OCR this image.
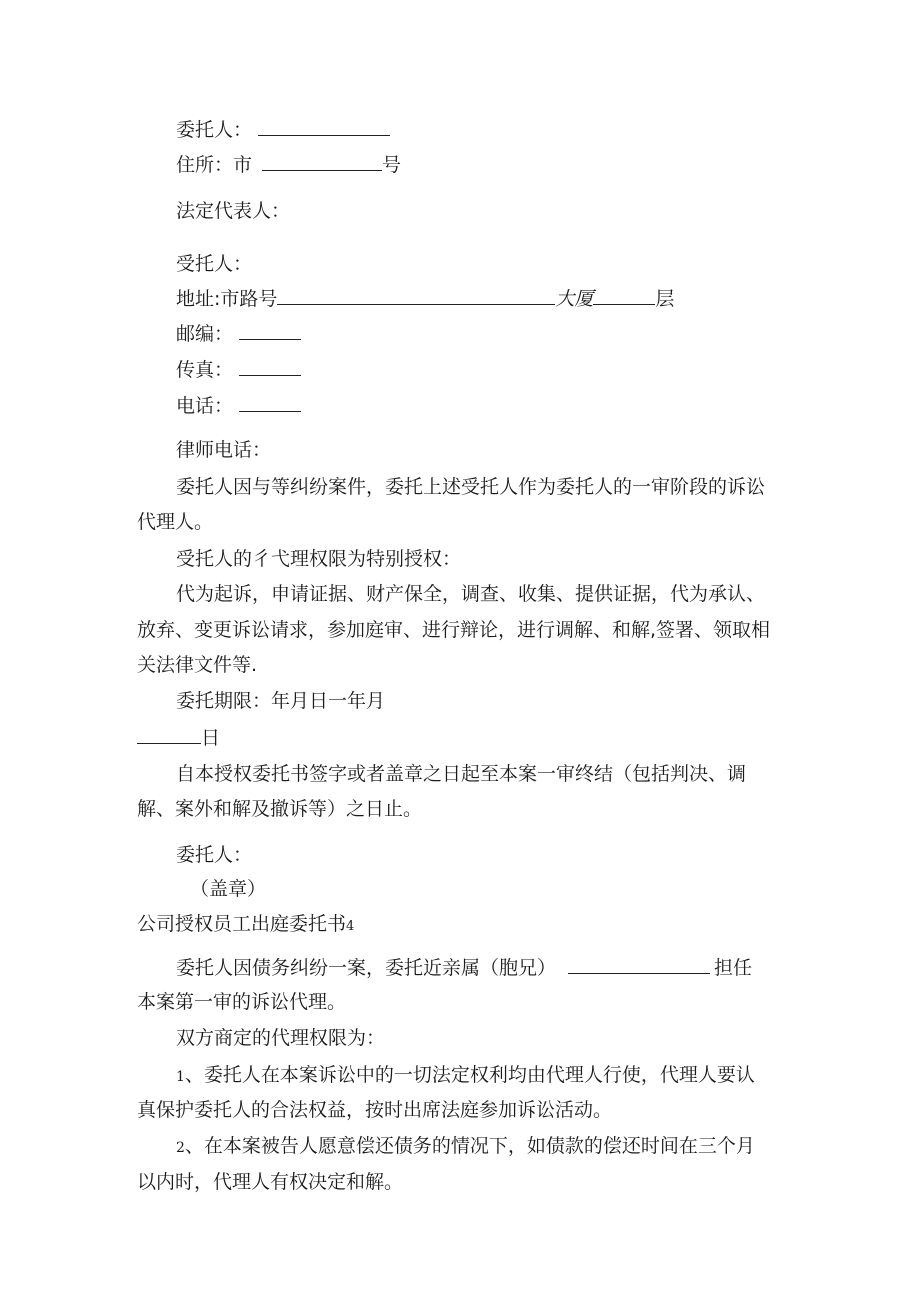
委托人：
住所：市	号
法定代表人：
受托人：
地址:市路号	大厦	层
邮编：
传真：
电话：
律师电话：
委托人因与等纠纷案件，委托上述受托人作为委托人的一审阶段的诉讼
代理人。
受托人的彳弋理权限为特别授权：
代为起诉，申请证据、财产保全，调查、收集、提供证据，代为承认、
放弃、变更诉讼请求，参加庭审、进行辩论，进行调解、和解,签署、领取相
关法律文件等.
委托期限：年月日一年月
日
自本授权委托书签字或者盖章之日起至本案一审终结（包括判决、调
解、案外和解及撤诉等）之日止。
委托人：
（盖章）
公司授权员工出庭委托书4
委托人因债务纠纷一案，委托近亲属（胞兄）	担任
本案第一审的诉讼代理。
双方商定的代理权限为：
1、委托人在本案诉讼中的一切法定权利均由代理人行使，代理人要认
真保护委托人的合法权益，按时出席法庭参加诉讼活动。
2、在本案被告人愿意偿还债务的情况下，如债款的偿还时间在三个月
以内时，代理人有权决定和解。
